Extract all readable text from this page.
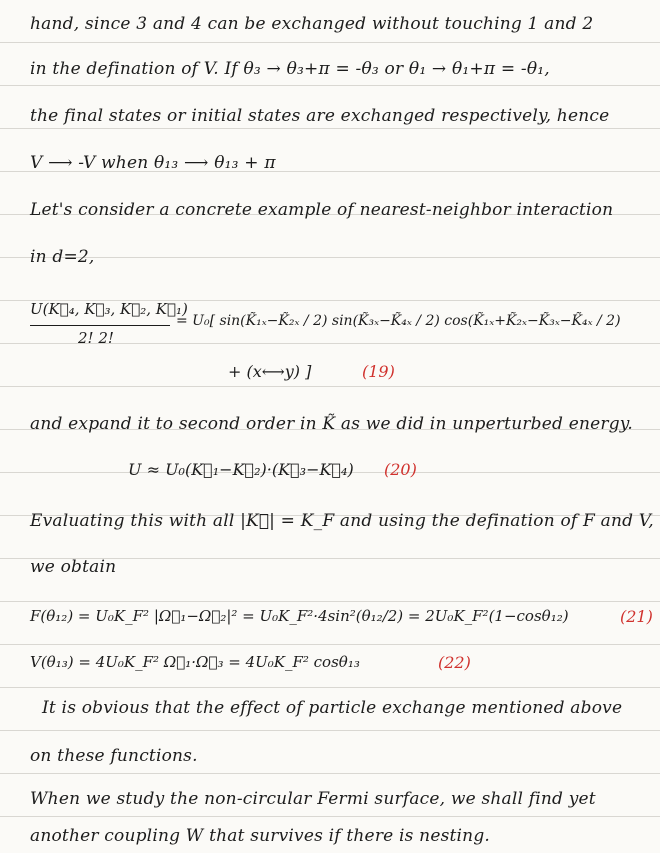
hand, since 3 and 4 can be exchanged without touching 1 and 2
in the defination of V. If θ₃ → θ₃+π = -θ₃ or θ₁ → θ₁+π = -θ₁,
the final states or initial states are exchanged respectively, hence
V ⟶ -V when θ₁₃ ⟶ θ₁₃ + π
Let's consider a concrete example of nearest-neighbor interaction
in d=2,
U(K⃗₄, K⃗₃, K⃗₂, K⃗₁)
2! 2!
= U₀[ sin(K̃₁ₓ−K̃₂ₓ / 2) sin(K̃₃ₓ−K̃₄ₓ / 2) cos(K̃₁ₓ+K̃₂ₓ−K̃₃ₓ−K̃₄ₓ / 2)
+ (x⟷y) ]	(19)
and expand it to second order in K̃ as we did in unperturbed energy.
U ≈ U₀(K⃗₁−K⃗₂)·(K⃗₃−K⃗₄) (20)
Evaluating this with all |K⃗| = K_F and using the defination of F and V,
we obtain
F(θ₁₂) = U₀K_F² |Ω⃗₁−Ω⃗₂|² = U₀K_F²·4sin²(θ₁₂/2) = 2U₀K_F²(1−cosθ₁₂)	(21)
V(θ₁₃) = 4U₀K_F² Ω⃗₁·Ω⃗₃ = 4U₀K_F² cosθ₁₃	(22)
It is obvious that the effect of particle exchange mentioned above
on these functions.
When we study the non-circular Fermi surface, we shall find yet
another coupling W that survives if there is nesting.
